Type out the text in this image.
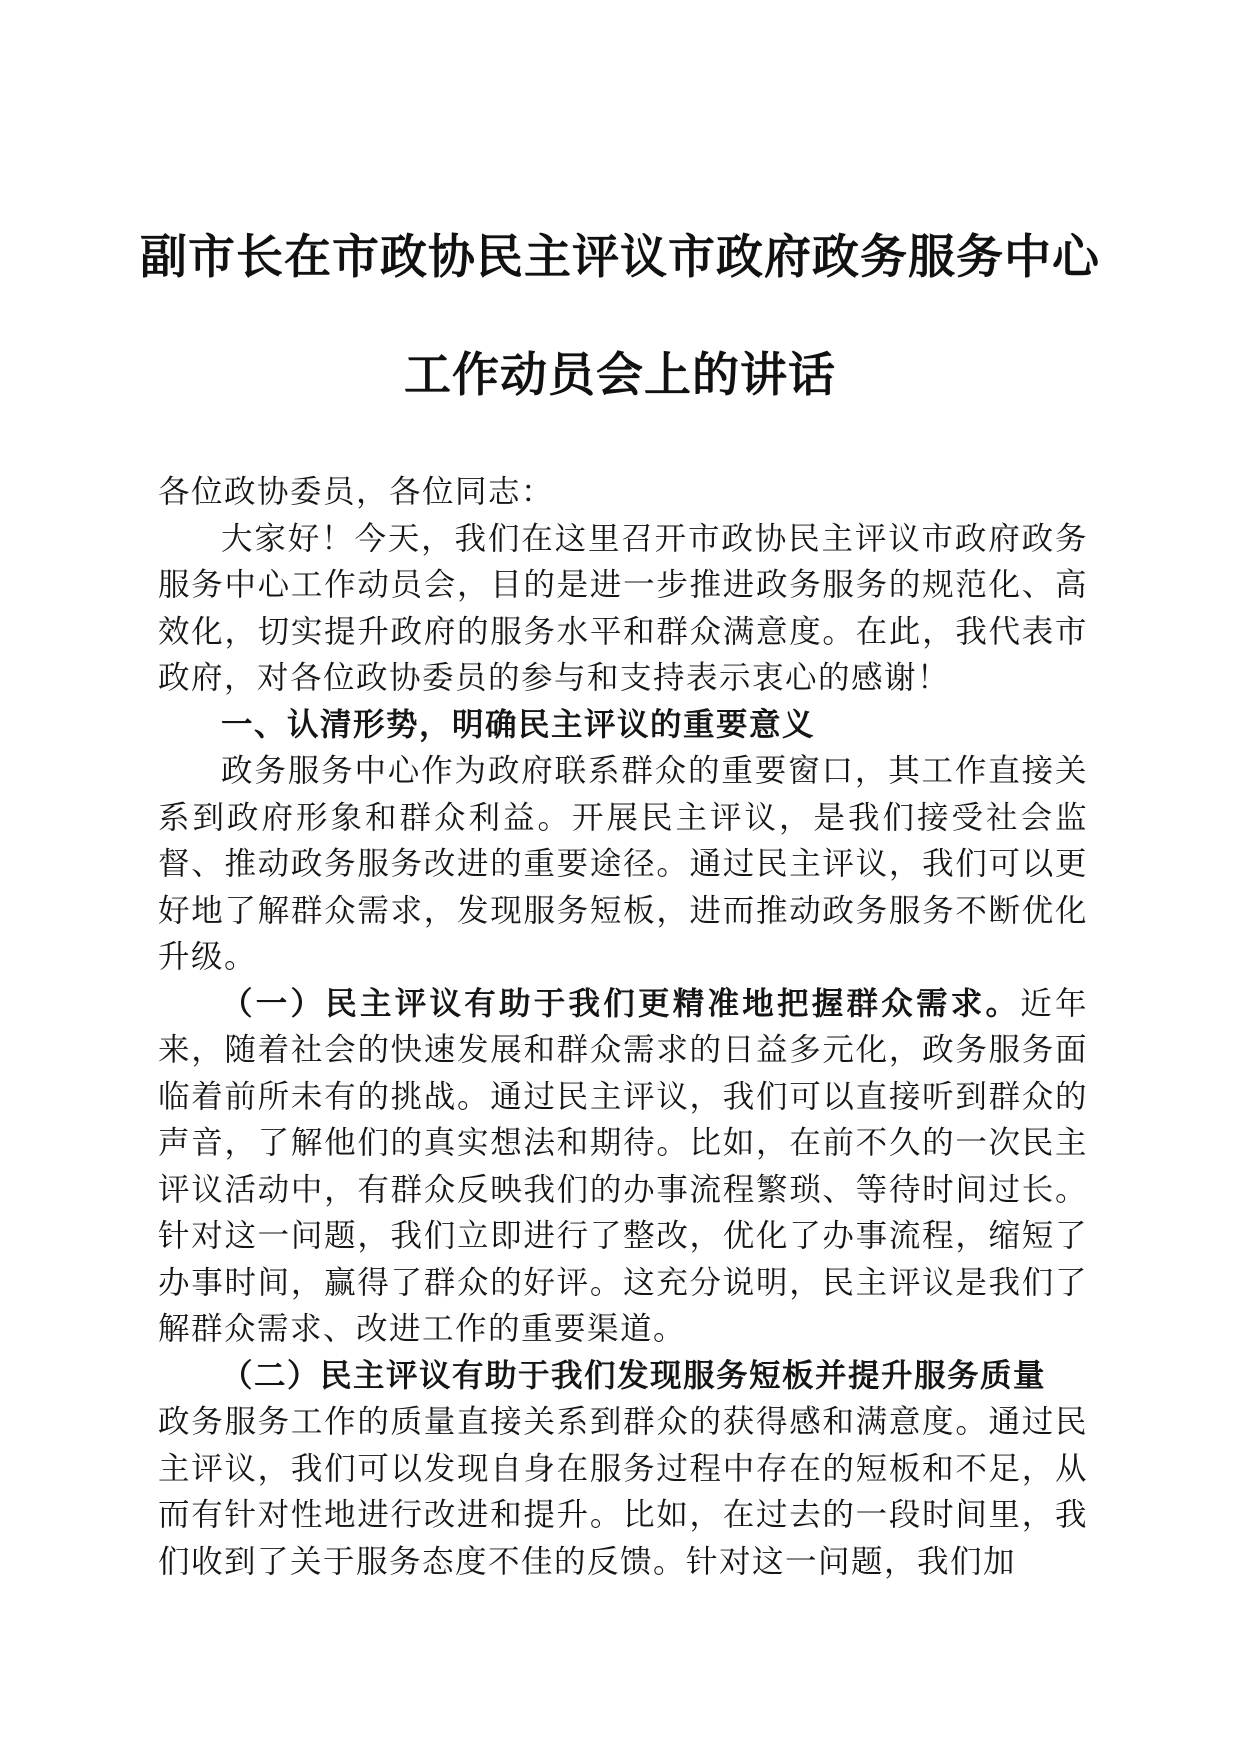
副市长在市政协民主评议市政府政务服务中心
工作动员会上的讲话

各位政协委员，各位同志：

大家好！今天，我们在这里召开市政协民主评议市政府政务服务中心工作动员会，目的是进一步推进政务服务的规范化、高效化，切实提升政府的服务水平和群众满意度。在此，我代表市政府，对各位政协委员的参与和支持表示衷心的感谢！

一、认清形势，明确民主评议的重要意义

政务服务中心作为政府联系群众的重要窗口，其工作直接关系到政府形象和群众利益。开展民主评议，是我们接受社会监督、推动政务服务改进的重要途径。通过民主评议，我们可以更好地了解群众需求，发现服务短板，进而推动政务服务不断优化升级。

（一）民主评议有助于我们更精准地把握群众需求。近年来，随着社会的快速发展和群众需求的日益多元化，政务服务面临着前所未有的挑战。通过民主评议，我们可以直接听到群众的声音，了解他们的真实想法和期待。比如，在前不久的一次民主评议活动中，有群众反映我们的办事流程繁琐、等待时间过长。针对这一问题，我们立即进行了整改，优化了办事流程，缩短了办事时间，赢得了群众的好评。这充分说明，民主评议是我们了解群众需求、改进工作的重要渠道。

（二）民主评议有助于我们发现服务短板并提升服务质量

政务服务工作的质量直接关系到群众的获得感和满意度。通过民主评议，我们可以发现自身在服务过程中存在的短板和不足，从而有针对性地进行改进和提升。比如，在过去的一段时间里，我们收到了关于服务态度不佳的反馈。针对这一问题，我们加
